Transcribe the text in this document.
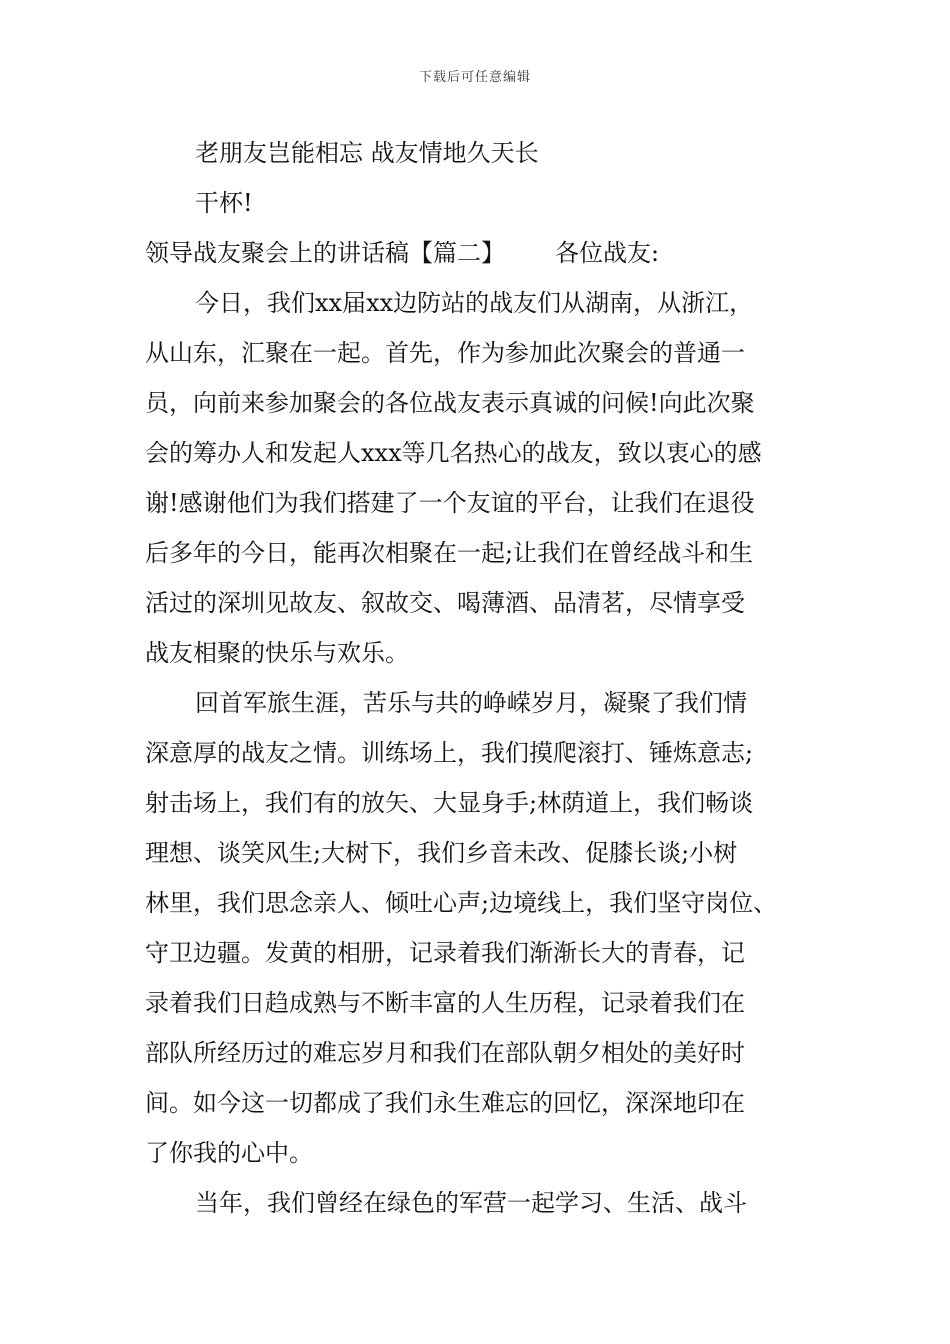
下载后可任意编辑

老朋友岂能相忘 战友情地久天长

干杯!

领导战友聚会上的讲话稿【篇二】 各位战友:

今日，我们xx届xx边防站的战友们从湖南，从浙江，

从山东，汇聚在一起。首先，作为参加此次聚会的普通一

员，向前来参加聚会的各位战友表示真诚的问候!向此次聚

会的筹办人和发起人xxx等几名热心的战友，致以衷心的感

谢!感谢他们为我们搭建了一个友谊的平台，让我们在退役

后多年的今日，能再次相聚在一起;让我们在曾经战斗和生

活过的深圳见故友、叙故交、喝薄酒、品清茗，尽情享受

战友相聚的快乐与欢乐。

回首军旅生涯，苦乐与共的峥嵘岁月，凝聚了我们情

深意厚的战友之情。训练场上，我们摸爬滚打、锤炼意志;

射击场上，我们有的放矢、大显身手;林荫道上，我们畅谈

理想、谈笑风生;大树下，我们乡音未改、促膝长谈;小树

林里，我们思念亲人、倾吐心声;边境线上，我们坚守岗位、

守卫边疆。发黄的相册，记录着我们渐渐长大的青春，记

录着我们日趋成熟与不断丰富的人生历程，记录着我们在

部队所经历过的难忘岁月和我们在部队朝夕相处的美好时

间。如今这一切都成了我们永生难忘的回忆，深深地印在

了你我的心中。

当年，我们曾经在绿色的军营一起学习、生活、战斗
